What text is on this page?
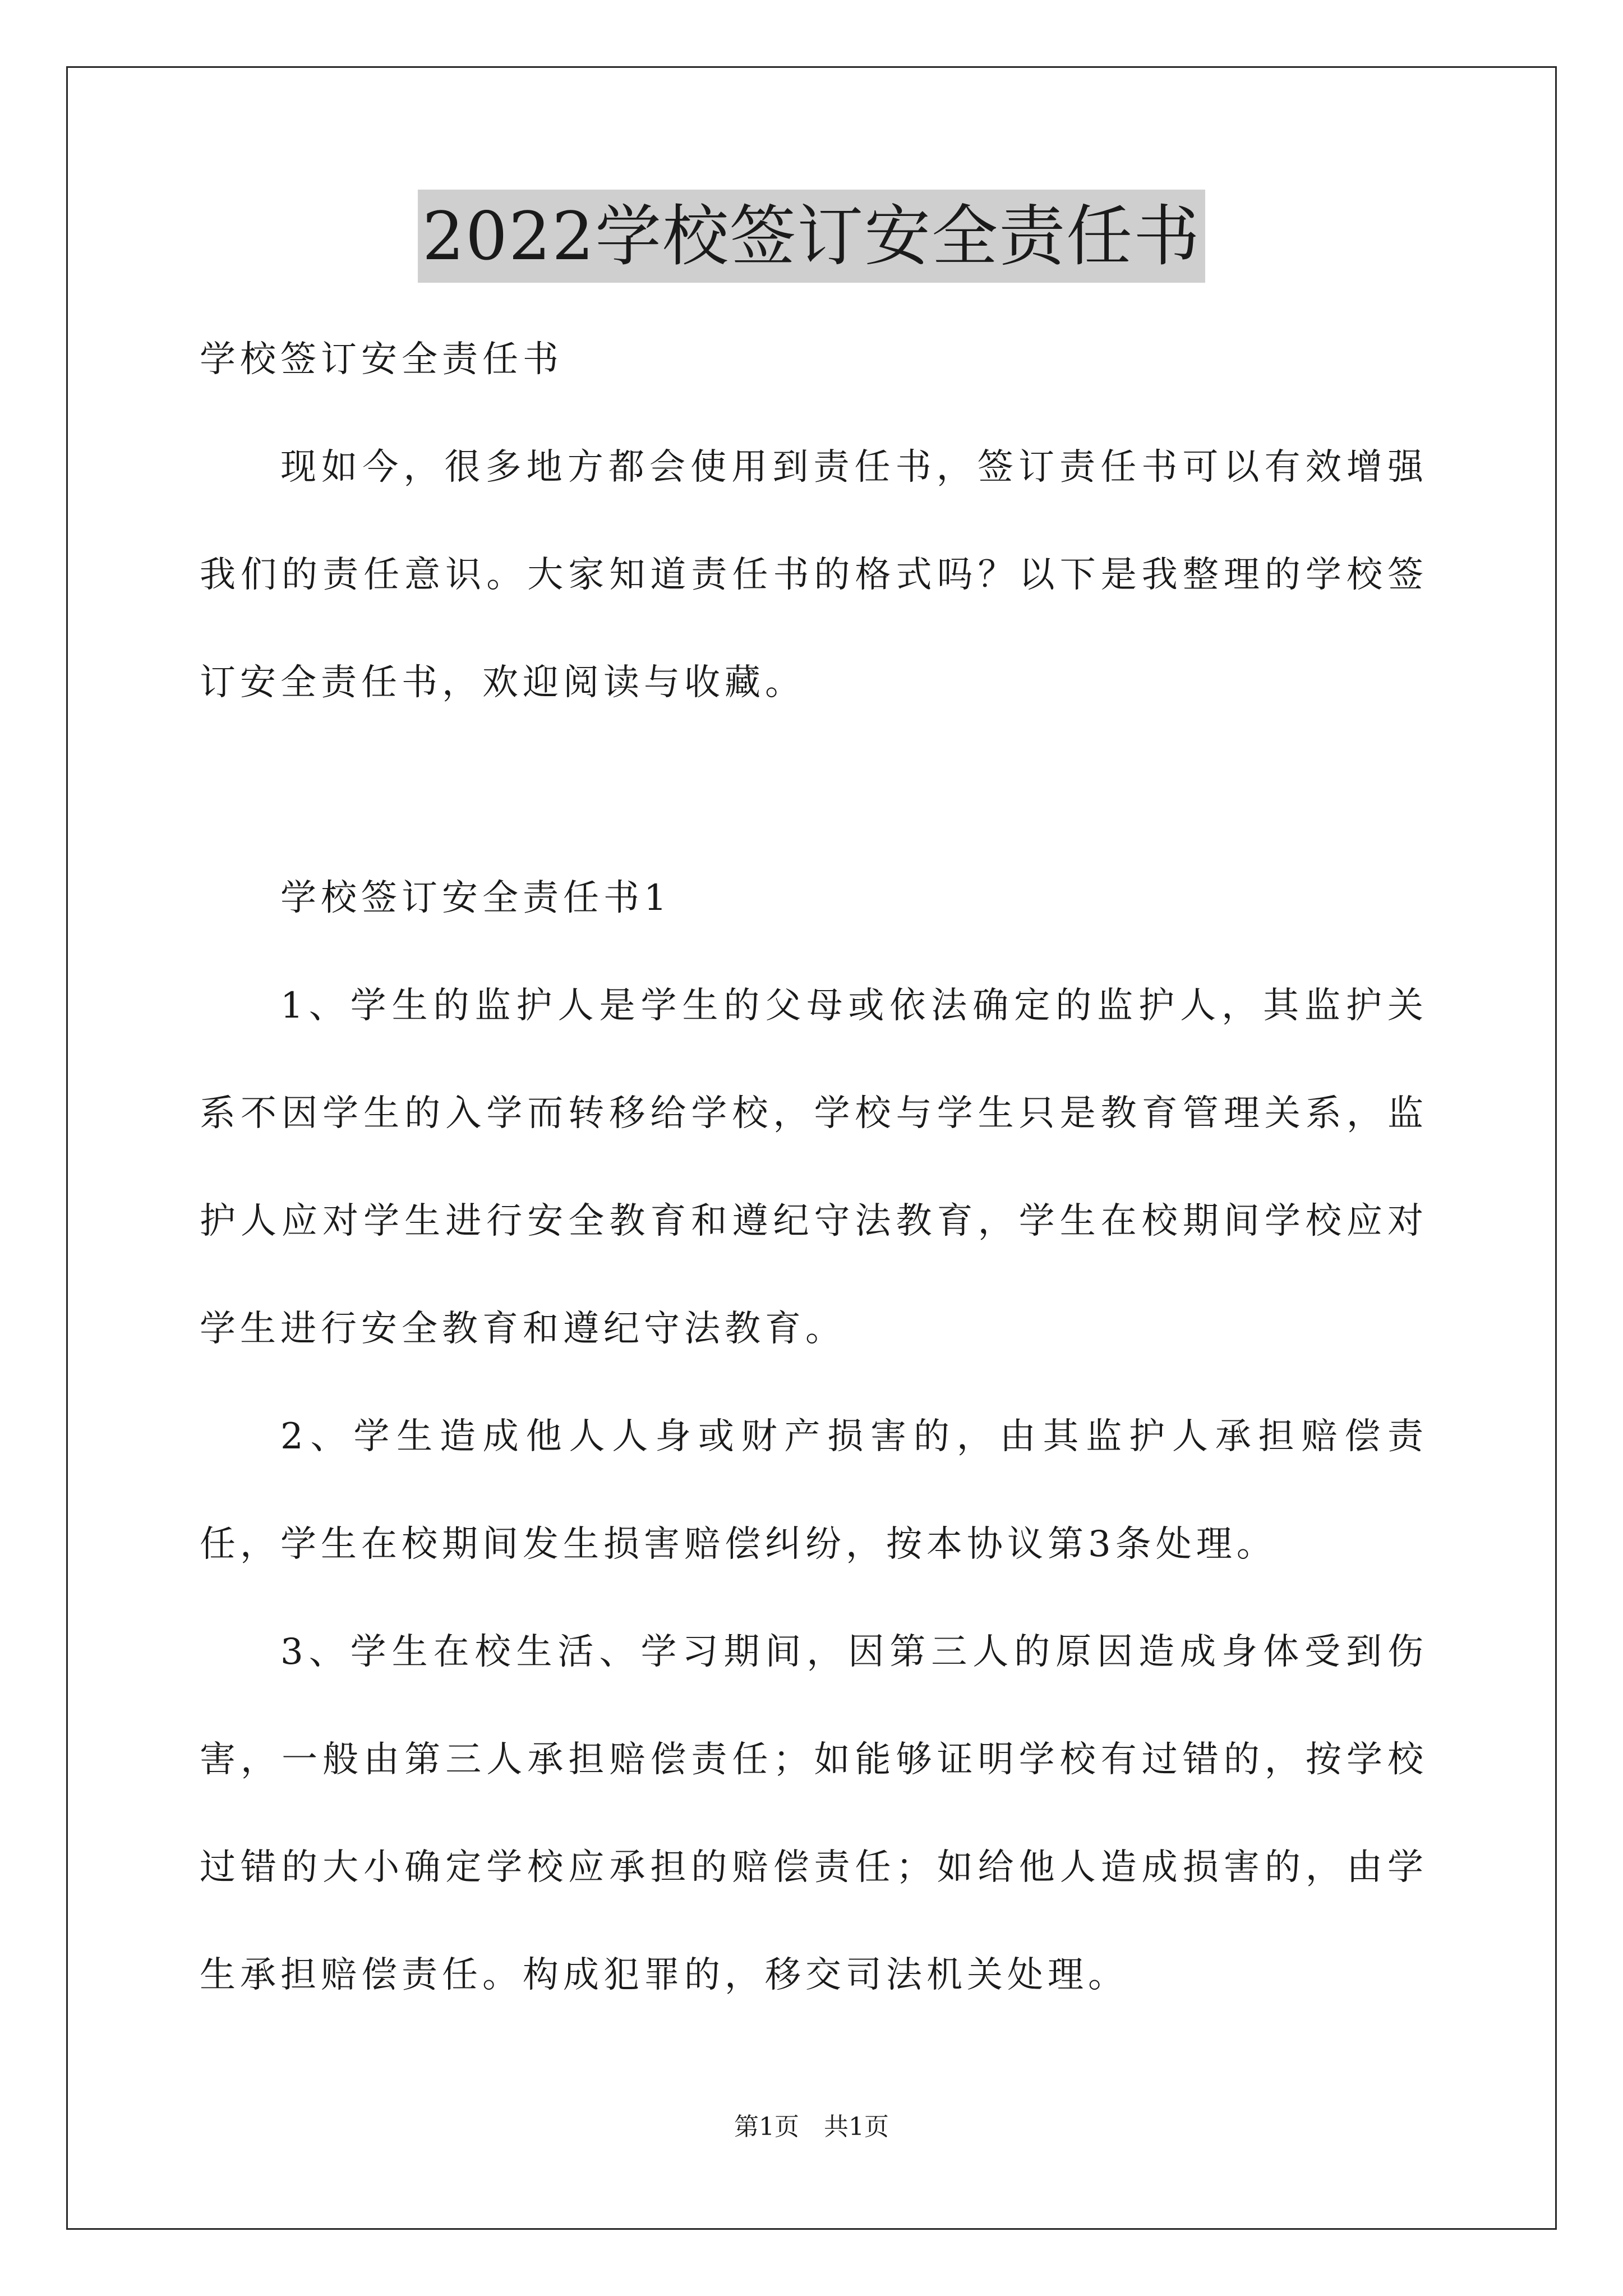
2022学校签订安全责任书

学校签订安全责任书

现如今，很多地方都会使用到责任书，签订责任书可以有效增强我们的责任意识。大家知道责任书的格式吗？以下是我整理的学校签订安全责任书，欢迎阅读与收藏。

学校签订安全责任书1

1、学生的监护人是学生的父母或依法确定的监护人，其监护关系不因学生的入学而转移给学校，学校与学生只是教育管理关系，监护人应对学生进行安全教育和遵纪守法教育，学生在校期间学校应对学生进行安全教育和遵纪守法教育。

2、学生造成他人人身或财产损害的，由其监护人承担赔偿责任，学生在校期间发生损害赔偿纠纷，按本协议第3条处理。

3、学生在校生活、学习期间，因第三人的原因造成身体受到伤害，一般由第三人承担赔偿责任；如能够证明学校有过错的，按学校过错的大小确定学校应承担的赔偿责任；如给他人造成损害的，由学生承担赔偿责任。构成犯罪的，移交司法机关处理。

第1页 共1页
